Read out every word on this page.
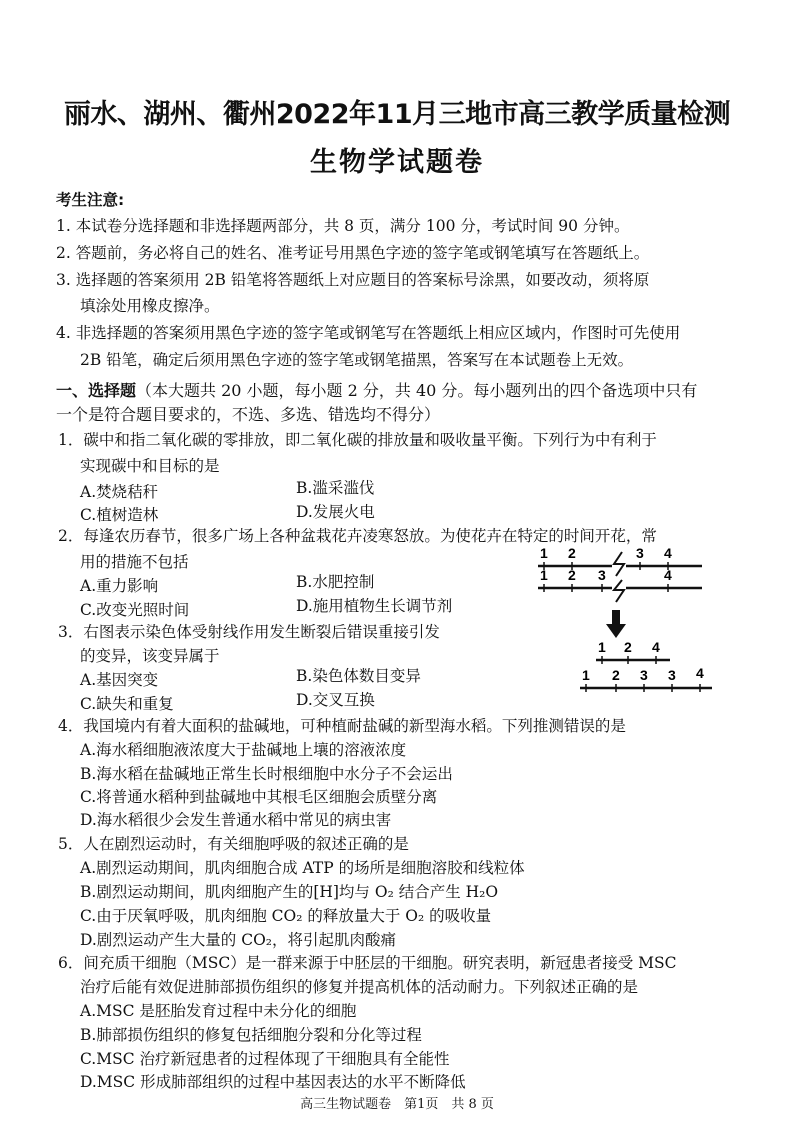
丽水、湖州、衢州2022年11月三地市高三教学质量检测
生物学试题卷
考生注意:
1. 本试卷分选择题和非选择题两部分，共 8 页，满分 100 分，考试时间 90 分钟。
2. 答题前，务必将自己的姓名、准考证号用黑色字迹的签字笔或钢笔填写在答题纸上。
3. 选择题的答案须用 2B 铅笔将答题纸上对应题目的答案标号涂黑，如要改动，须将原
填涂处用橡皮擦净。
4. 非选择题的答案须用黑色字迹的签字笔或钢笔写在答题纸上相应区域内，作图时可先使用
2B 铅笔，确定后须用黑色字迹的签字笔或钢笔描黑，答案写在本试题卷上无效。
一、选择题（本大题共 20 小题，每小题 2 分，共 40 分。每小题列出的四个备选项中只有
一个是符合题目要求的，不选、多选、错选均不得分）
1．碳中和指二氧化碳的零排放，即二氧化碳的排放量和吸收量平衡。下列行为中有利于
实现碳中和目标的是
A.焚烧秸秆	B.滥采滥伐
C.植树造林	D.发展火电
2．每逢农历春节，很多广场上各种盆栽花卉凌寒怒放。为使花卉在特定的时间开花，常
用的措施不包括
A.重力影响	B.水肥控制
C.改变光照时间	D.施用植物生长调节剂
3．右图表示染色体受射线作用发生断裂后错误重接引发
的变异，该变异属于
A.基因突变	B.染色体数目变异
C.缺失和重复	D.交叉互换
1 2	3 4
1 2 3	4
1 2 4
1 2 3 3 4
4．我国境内有着大面积的盐碱地，可种植耐盐碱的新型海水稻。下列推测错误的是
A.海水稻细胞液浓度大于盐碱地上壤的溶液浓度
B.海水稻在盐碱地正常生长时根细胞中水分子不会运出
C.将普通水稻种到盐碱地中其根毛区细胞会质壁分离
D.海水稻很少会发生普通水稻中常见的病虫害
5．人在剧烈运动时，有关细胞呼吸的叙述正确的是
A.剧烈运动期间，肌肉细胞合成 ATP 的场所是细胞溶胶和线粒体
B.剧烈运动期间，肌肉细胞产生的[H]均与 O₂ 结合产生 H₂O
C.由于厌氧呼吸，肌肉细胞 CO₂ 的释放量大于 O₂ 的吸收量
D.剧烈运动产生大量的 CO₂，将引起肌肉酸痛
6．间充质干细胞（MSC）是一群来源于中胚层的干细胞。研究表明，新冠患者接受 MSC
治疗后能有效促进肺部损伤组织的修复并提高机体的活动耐力。下列叙述正确的是
A.MSC 是胚胎发育过程中未分化的细胞
B.肺部损伤组织的修复包括细胞分裂和分化等过程
C.MSC 治疗新冠患者的过程体现了干细胞具有全能性
D.MSC 形成肺部组织的过程中基因表达的水平不断降低
高三生物试题卷　第1页　共 8 页
